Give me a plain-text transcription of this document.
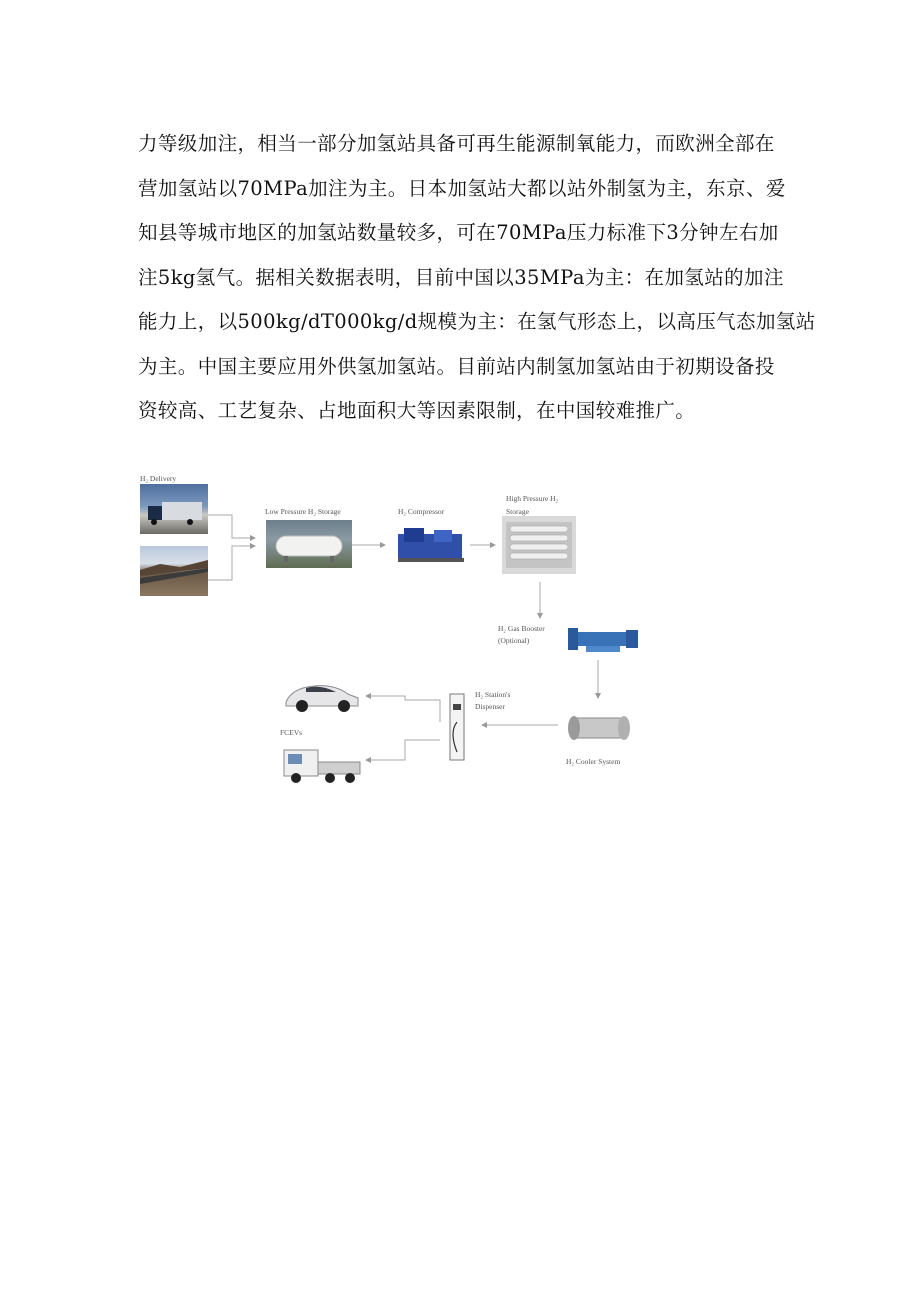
力等级加注，相当一部分加氢站具备可再生能源制氧能力，而欧洲全部在
营加氢站以70MPa加注为主。日本加氢站大都以站外制氢为主，东京、爱
知县等城市地区的加氢站数量较多，可在70MPa压力标准下3分钟左右加
注5kg氢气。据相关数据表明，目前中国以35MPa为主：在加氢站的加注
能力上，以500kg∕dT000kg∕d规模为主：在氢气形态上，以高压气态加氢站
为主。中国主要应用外供氢加氢站。目前站内制氢加氢站由于初期设备投
资较高、工艺复杂、占地面积大等因素限制，在中国较难推广。
H₂ Delivery
Low Pressure H₂ Storage	H₂ Compressor
High Pressure H₂
Storage
H₂ Gas Booster
(Optional)
H₂ Cooler System
H₂ Station's
Dispenser
FCEVs
